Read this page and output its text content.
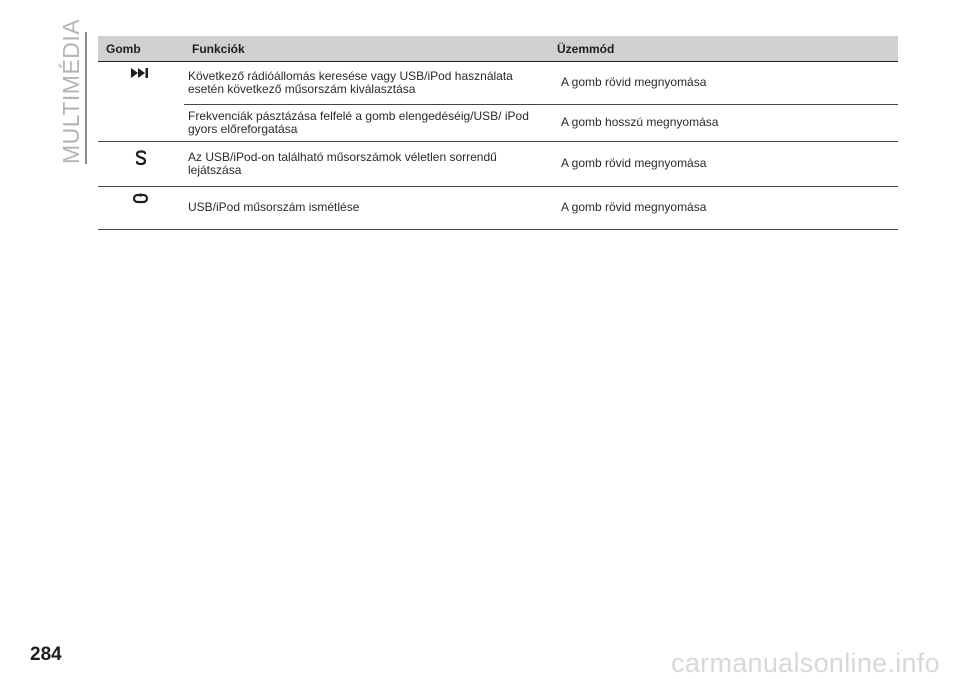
MULTIMÉDIA Gomb	Funkciók	Üzemmód
	Következő rádióállomás keresése vagy USB/iPod használata esetén következő műsorszám kiválasztása	A gomb rövid megnyomása
	Frekvenciák pásztázása felfelé a gomb elengedéséig/USB/ iPod gyors előreforgatása	A gomb hosszú megnyomása
	Az USB/iPod-on található műsorszámok véletlen sorrendű lejátszása	A gomb rövid megnyomása
	USB/iPod műsorszám ismétlése	A gomb rövid megnyomása
284	carmanualsonline.info
